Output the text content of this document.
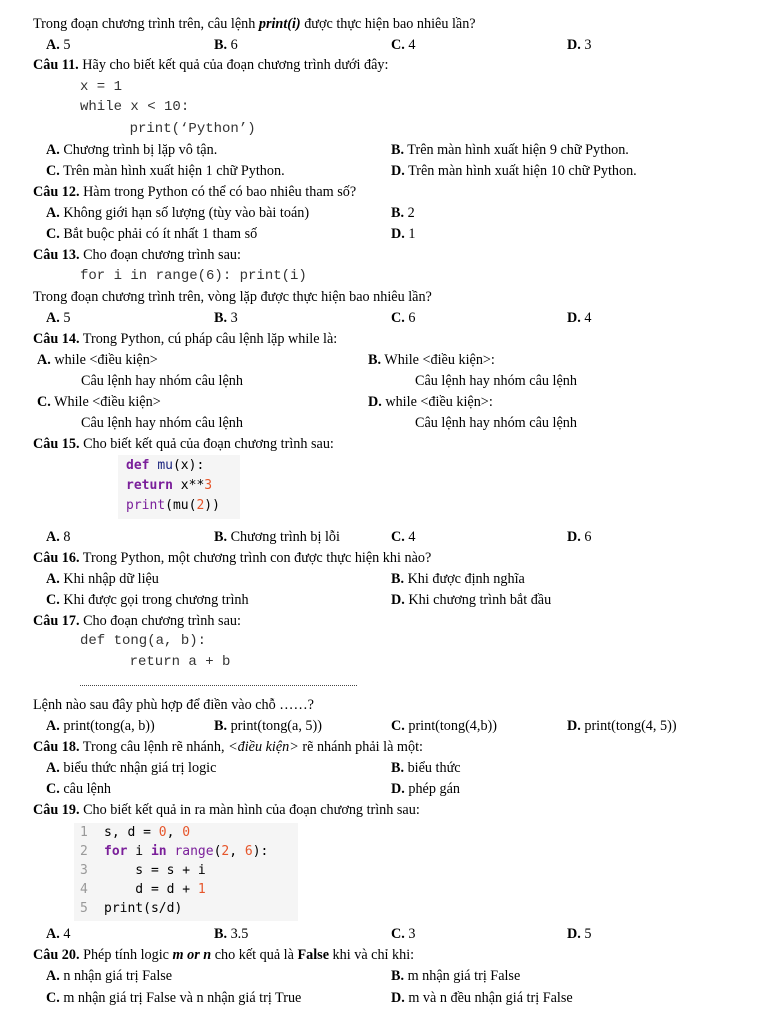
Trong đoạn chương trình trên, câu lệnh print(i) được thực hiện bao nhiêu lần?
A. 5	B. 6	C. 4	D. 3
Câu 11. Hãy cho biết kết quả của đoạn chương trình dưới đây:
x = 1
while x < 10:
print(‘Python’)
A. Chương trình bị lặp vô tận.	B. Trên màn hình xuất hiện 9 chữ Python.
C. Trên màn hình xuất hiện 1 chữ Python.	D. Trên màn hình xuất hiện 10 chữ Python.
Câu 12. Hàm trong Python có thể có bao nhiêu tham số?
A. Không giới hạn số lượng (tùy vào bài toán)	B. 2
C. Bắt buộc phải có ít nhất 1 tham số	D. 1
Câu 13. Cho đoạn chương trình sau:
for i in range(6): print(i)
Trong đoạn chương trình trên, vòng lặp được thực hiện bao nhiêu lần?
A. 5	B. 3	C. 6	D. 4
Câu 14. Trong Python, cú pháp câu lệnh lặp while là:
A. while <điều kiện>	B. While <điều kiện>:
Câu lệnh hay nhóm câu lệnh	Câu lệnh hay nhóm câu lệnh
C. While <điều kiện>	D. while <điều kiện>:
Câu lệnh hay nhóm câu lệnh	Câu lệnh hay nhóm câu lệnh
Câu 15. Cho biết kết quả của đoạn chương trình sau:
def mu(x):
return x**3
print(mu(2))
A. 8	B. Chương trình bị lỗi	C. 4	D. 6
Câu 16. Trong Python, một chương trình con được thực hiện khi nào?
A. Khi nhập dữ liệu	B. Khi được định nghĩa
C. Khi được gọi trong chương trình	D. Khi chương trình bắt đầu
Câu 17. Cho đoạn chương trình sau:
def tong(a, b):
return a + b
Lệnh nào sau đây phù hợp để điền vào chỗ ……?
A. print(tong(a, b))	B. print(tong(a, 5))	C. print(tong(4,b))	D. print(tong(4, 5))
Câu 18. Trong câu lệnh rẽ nhánh, <điều kiện> rẽ nhánh phải là một:
A. biểu thức nhận giá trị logic	B. biểu thức
C. câu lệnh	D. phép gán
Câu 19. Cho biết kết quả in ra màn hình của đoạn chương trình sau:
1
2
3
4
5
s, d = 0, 0
for i in range(2, 6):
s = s + i
d = d + 1
print(s/d)
A. 4	B. 3.5	C. 3	D. 5
Câu 20. Phép tính logic m or n cho kết quả là False khi và chỉ khi:
A. n nhận giá trị False	B. m nhận giá trị False
C. m nhận giá trị False và n nhận giá trị True	D. m và n đều nhận giá trị False
